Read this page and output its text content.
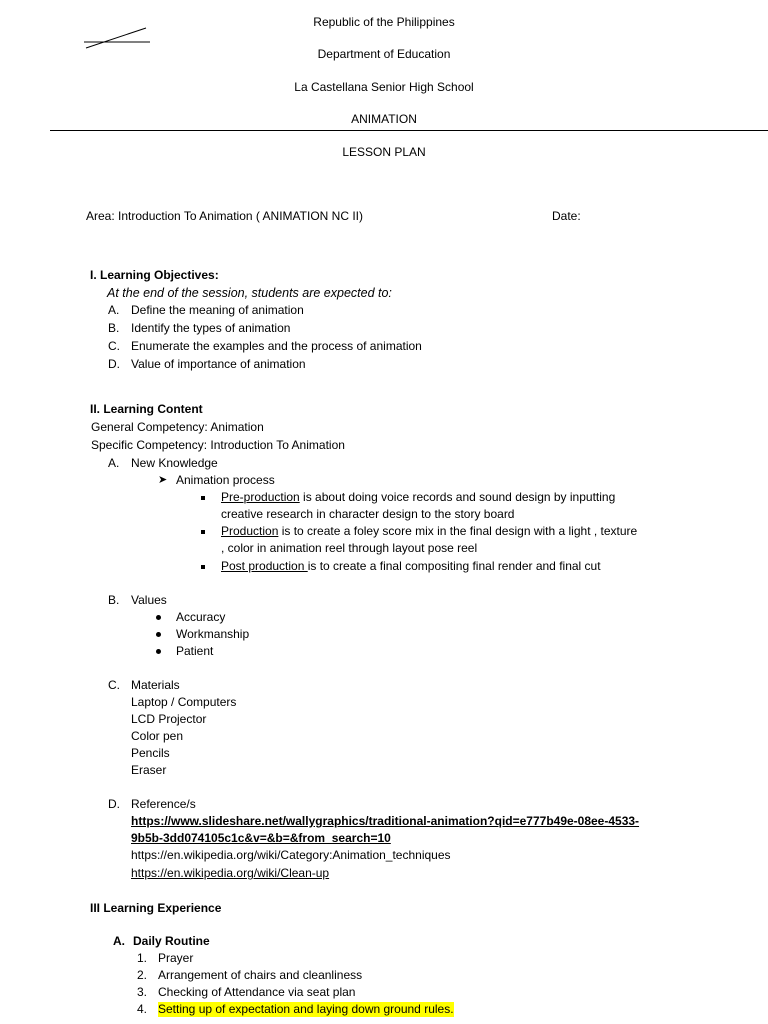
Republic of the Philippines
Department of Education
La Castellana Senior High School
ANIMATION
LESSON PLAN
Area: Introduction To Animation ( ANIMATION NC II)	Date:
I. Learning Objectives:
At the end of the session, students are expected to:
A. Define the meaning of animation
B. Identify the types of animation
C. Enumerate the examples and the process of animation
D. Value of importance of animation
II. Learning Content
General Competency: Animation
Specific Competency: Introduction To Animation
A. New Knowledge
➤ Animation process
Pre-production is about doing voice records and sound design by inputting
creative research in character design to the story board
Production is to create a foley score mix in the final design with a light , texture
, color in animation reel through layout pose reel
Post production is to create a final compositing final render and final cut
B. Values
Accuracy
Workmanship
Patient
C. Materials
Laptop / Computers
LCD Projector
Color pen
Pencils
Eraser
D. Reference/s
https://www.slideshare.net/wallygraphics/traditional-animation?qid=e777b49e-08ee-4533-
9b5b-3dd074105c1c&v=&b=&from_search=10
https://en.wikipedia.org/wiki/Category:Animation_techniques
https://en.wikipedia.org/wiki/Clean-up
III Learning Experience
A. Daily Routine
1. Prayer
2. Arrangement of chairs and cleanliness
3. Checking of Attendance via seat plan
4. Setting up of expectation and laying down ground rules.
